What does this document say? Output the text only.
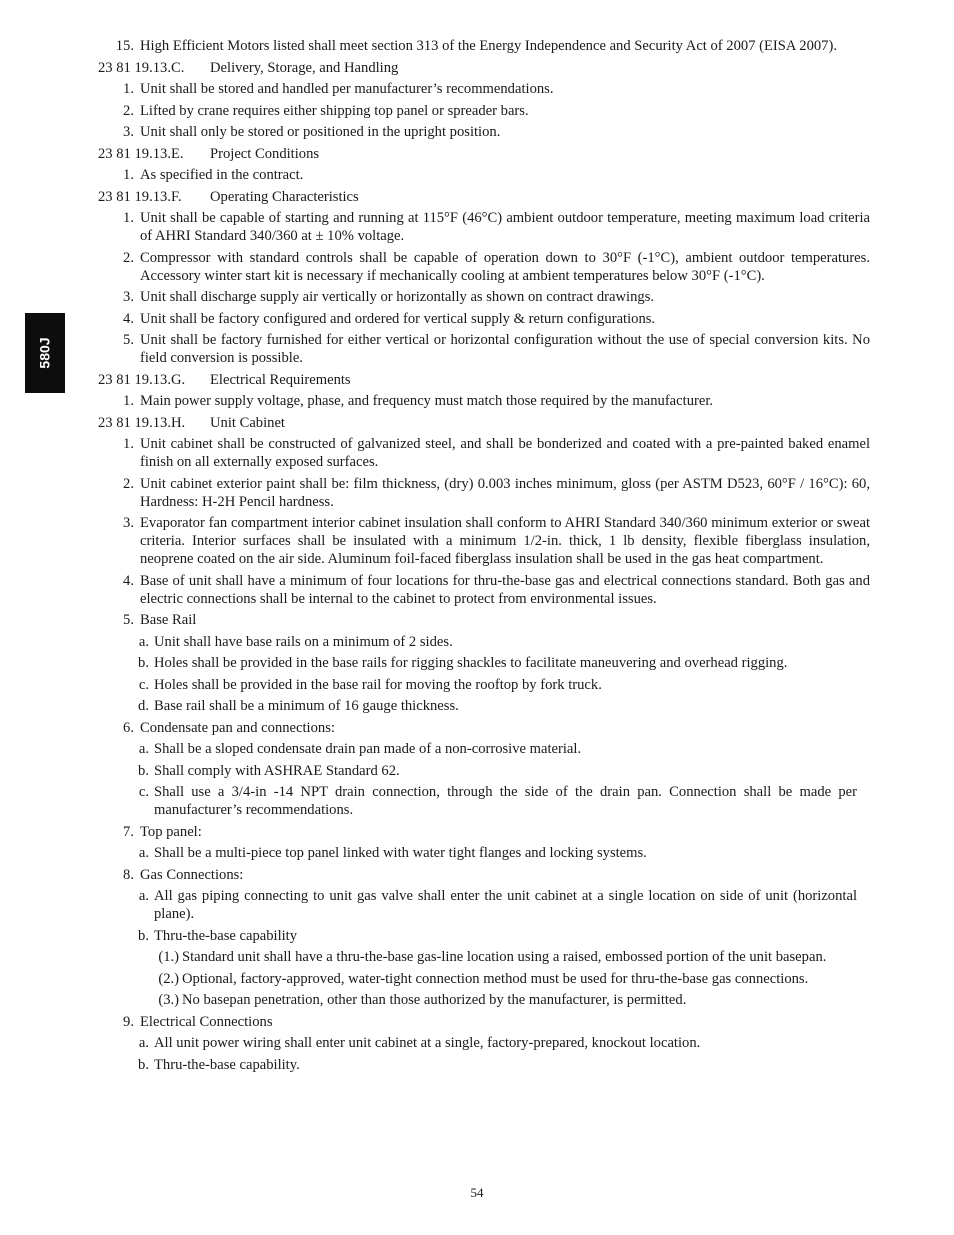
580J
15. High Efficient Motors listed shall meet section 313 of the Energy Independence and Security Act of 2007 (EISA 2007).
23 81 19.13.C. Delivery, Storage, and Handling
1. Unit shall be stored and handled per manufacturer’s recommendations.
2. Lifted by crane requires either shipping top panel or spreader bars.
3. Unit shall only be stored or positioned in the upright position.
23 81 19.13.E. Project Conditions
1. As specified in the contract.
23 81 19.13.F. Operating Characteristics
1. Unit shall be capable of starting and running at 115°F (46°C) ambient outdoor temperature, meeting maximum load criteria of AHRI Standard 340/360 at ± 10% voltage.
2. Compressor with standard controls shall be capable of operation down to 30°F (-1°C), ambient outdoor temperatures. Accessory winter start kit is necessary if mechanically cooling at ambient temperatures below 30°F (-1°C).
3. Unit shall discharge supply air vertically or horizontally as shown on contract drawings.
4. Unit shall be factory configured and ordered for vertical supply & return configurations.
5. Unit shall be factory furnished for either vertical or horizontal configuration without the use of special conversion kits. No field conversion is possible.
23 81 19.13.G. Electrical Requirements
1. Main power supply voltage, phase, and frequency must match those required by the manufacturer.
23 81 19.13.H. Unit Cabinet
1. Unit cabinet shall be constructed of galvanized steel, and shall be bonderized and coated with a pre-painted baked enamel finish on all externally exposed surfaces.
2. Unit cabinet exterior paint shall be: film thickness, (dry) 0.003 inches minimum, gloss (per ASTM D523, 60°F / 16°C): 60, Hardness: H-2H Pencil hardness.
3. Evaporator fan compartment interior cabinet insulation shall conform to AHRI Standard 340/360 minimum exterior or sweat criteria. Interior surfaces shall be insulated with a minimum 1/2-in. thick, 1 lb density, flexible fiberglass insulation, neoprene coated on the air side. Aluminum foil-faced fiberglass insulation shall be used in the gas heat compartment.
4. Base of unit shall have a minimum of four locations for thru-the-base gas and electrical connections standard. Both gas and electric connections shall be internal to the cabinet to protect from environmental issues.
5. Base Rail
a. Unit shall have base rails on a minimum of 2 sides.
b. Holes shall be provided in the base rails for rigging shackles to facilitate maneuvering and overhead rigging.
c. Holes shall be provided in the base rail for moving the rooftop by fork truck.
d. Base rail shall be a minimum of 16 gauge thickness.
6. Condensate pan and connections:
a. Shall be a sloped condensate drain pan made of a non-corrosive material.
b. Shall comply with ASHRAE Standard 62.
c. Shall use a 3/4-in -14 NPT drain connection, through the side of the drain pan. Connection shall be made per manufacturer’s recommendations.
7. Top panel:
a. Shall be a multi-piece top panel linked with water tight flanges and locking systems.
8. Gas Connections:
a. All gas piping connecting to unit gas valve shall enter the unit cabinet at a single location on side of unit (horizontal plane).
b. Thru-the-base capability
(1.) Standard unit shall have a thru-the-base gas-line location using a raised, embossed portion of the unit basepan.
(2.) Optional, factory-approved, water-tight connection method must be used for thru-the-base gas connections.
(3.) No basepan penetration, other than those authorized by the manufacturer, is permitted.
9. Electrical Connections
a. All unit power wiring shall enter unit cabinet at a single, factory-prepared, knockout location.
b. Thru-the-base capability.
54
